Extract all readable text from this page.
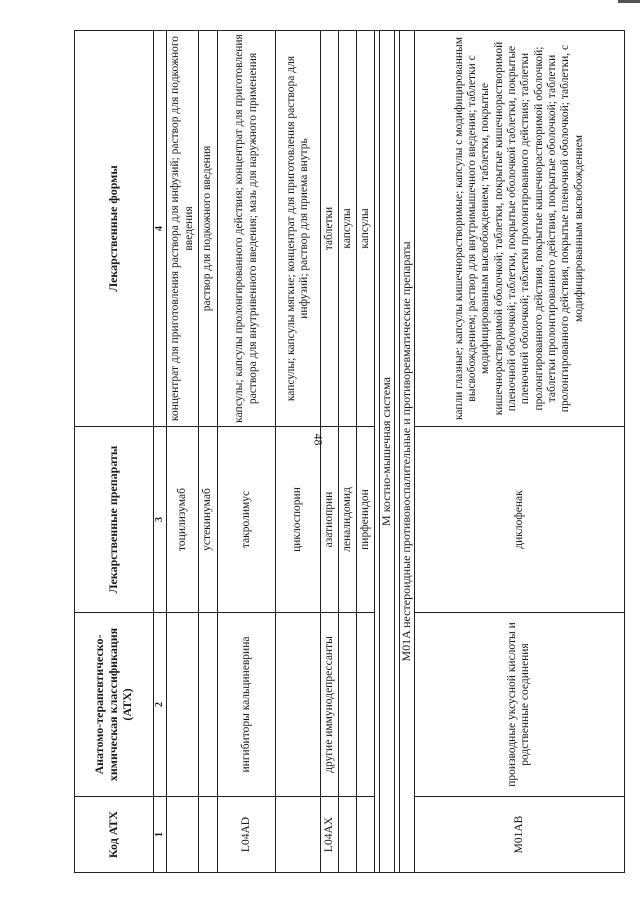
48
Код АТХ	Анатомо-терапевтическо-химическая классификация (АТХ)	Лекарственные препараты	Лекарственные формы
1	2	3	4
		тоцилизумаб	концентрат для приготовления раствора для инфузий; раствор для подкожного введения
		устекинумаб	раствор для подкожного введения
L04AD	ингибиторы кальциневрина	такролимус	капсулы; капсулы пролонгированного действия; концентрат для приготовления раствора для внутривенного введения; мазь для наружного применения
		циклоспорин	капсулы; капсулы мягкие; концентрат для приготовления раствора для инфузий; раствор для приема внутрь
L04AX	другие иммунодепрессанты	азатиоприн	таблетки
		леналидомид	капсулы
		пирфенидон	капсулы

M костно-мышечная система			

M01A нестероидные противовоспалительные и противоревматические препараты			
M01AB	производные уксусной кислоты и родственные соединения	диклофенак	капли глазные; капсулы кишечнорастворимые; капсулы с модифицированным высвобождением; раствор для внутримышечного введения; таблетки с модифицированным высвобождением; таблетки, покрытые кишечнорастворимой оболочкой; таблетки, покрытые кишечнорастворимой пленочной оболочкой; таблетки, покрытые оболочкой таблетки, покрытые пленочной оболочкой; таблетки пролонгированного действия; таблетки пролонгированного действия, покрытые кишечнорастворимой оболочкой; таблетки пролонгированного действия, покрытые оболочкой; таблетки пролонгированного действия, покрытые пленочной оболочкой; таблетки, с модифицированным высвобождением
